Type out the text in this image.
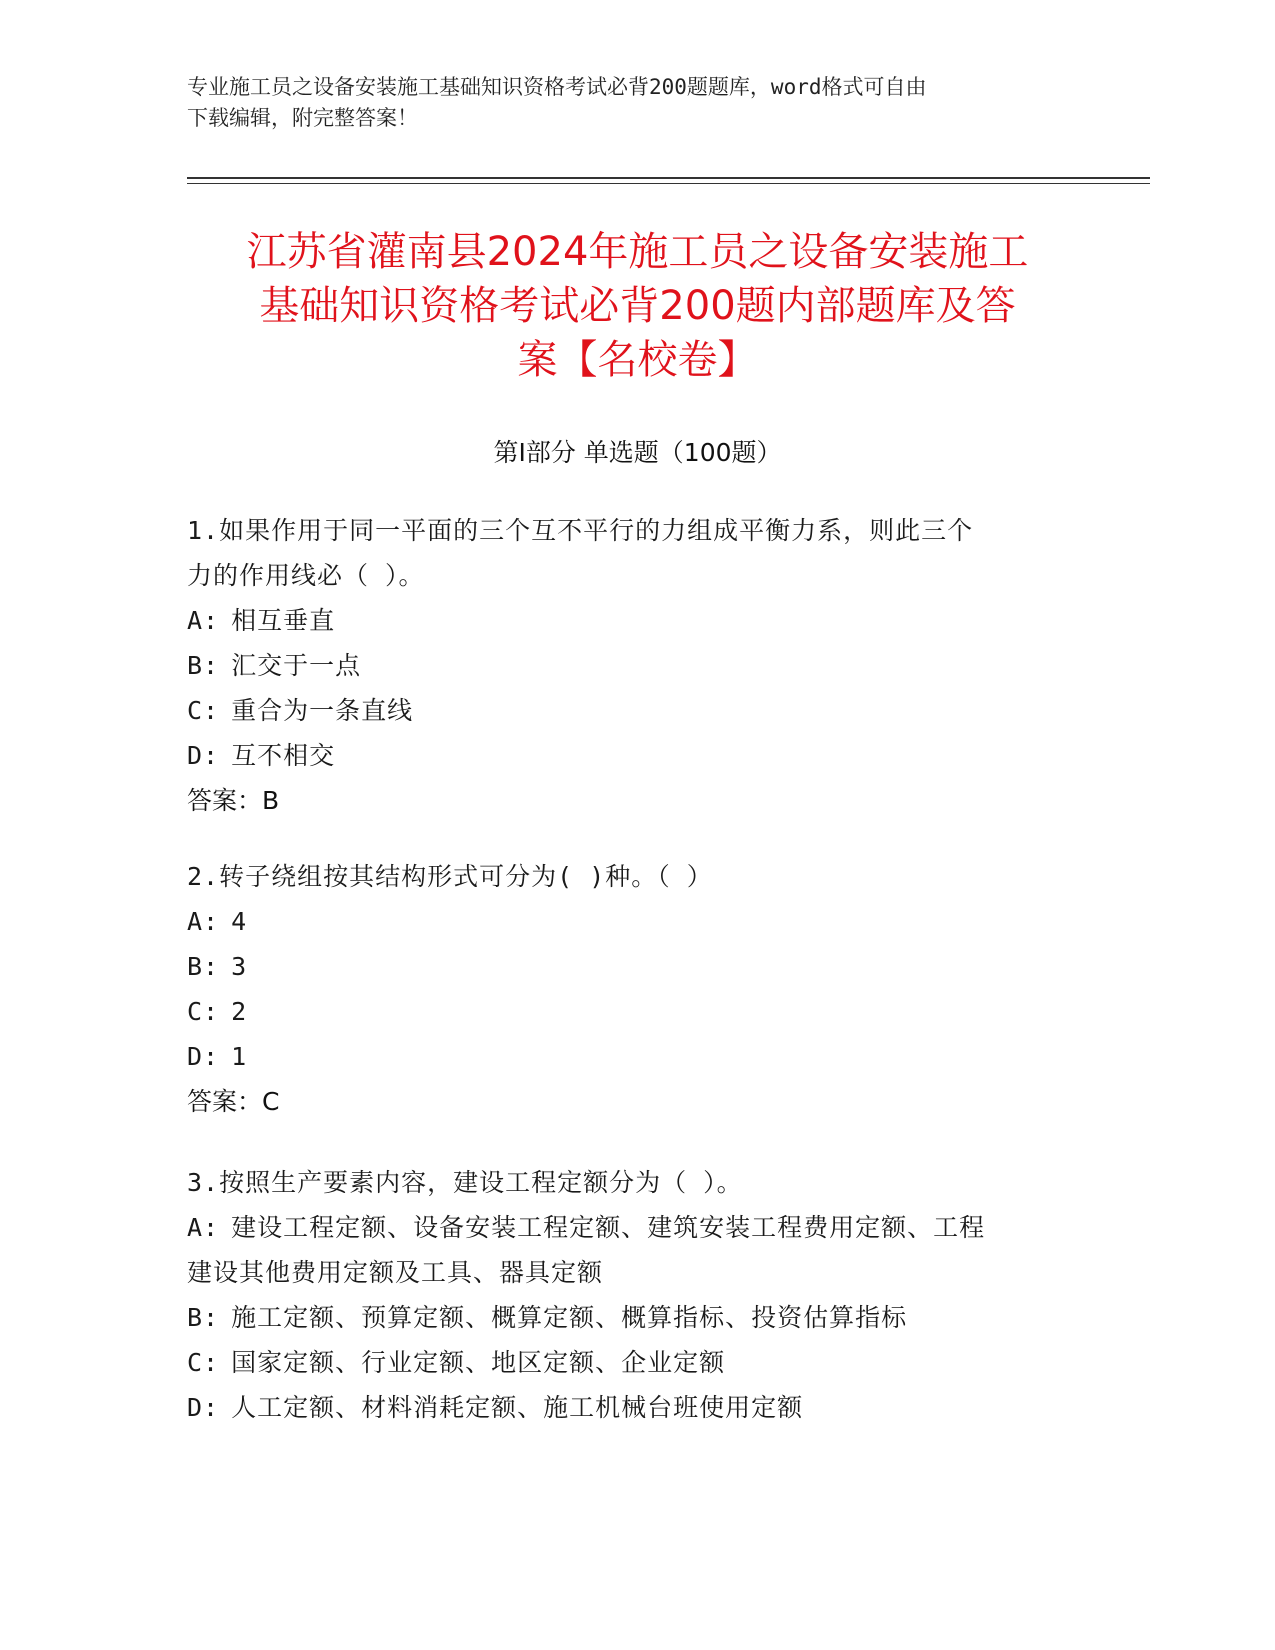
专业施工员之设备安装施工基础知识资格考试必背200题题库，word格式可自由
下载编辑，附完整答案！
江苏省灌南县2024年施工员之设备安装施工
基础知识资格考试必背200题内部题库及答
案【名校卷】
第Ⅰ部分 单选题（100题）
1.如果作用于同一平面的三个互不平行的力组成平衡力系，则此三个
力的作用线必（ ）。
A: 相互垂直
B: 汇交于一点
C: 重合为一条直线
D: 互不相交
答案：B
2.转子绕组按其结构形式可分为( )种。（ ）
A: 4
B: 3
C: 2
D: 1
答案：C
3.按照生产要素内容，建设工程定额分为（ ）。
A: 建设工程定额、设备安装工程定额、建筑安装工程费用定额、工程
建设其他费用定额及工具、器具定额
B: 施工定额、预算定额、概算定额、概算指标、投资估算指标
C: 国家定额、行业定额、地区定额、企业定额
D: 人工定额、材料消耗定额、施工机械台班使用定额
